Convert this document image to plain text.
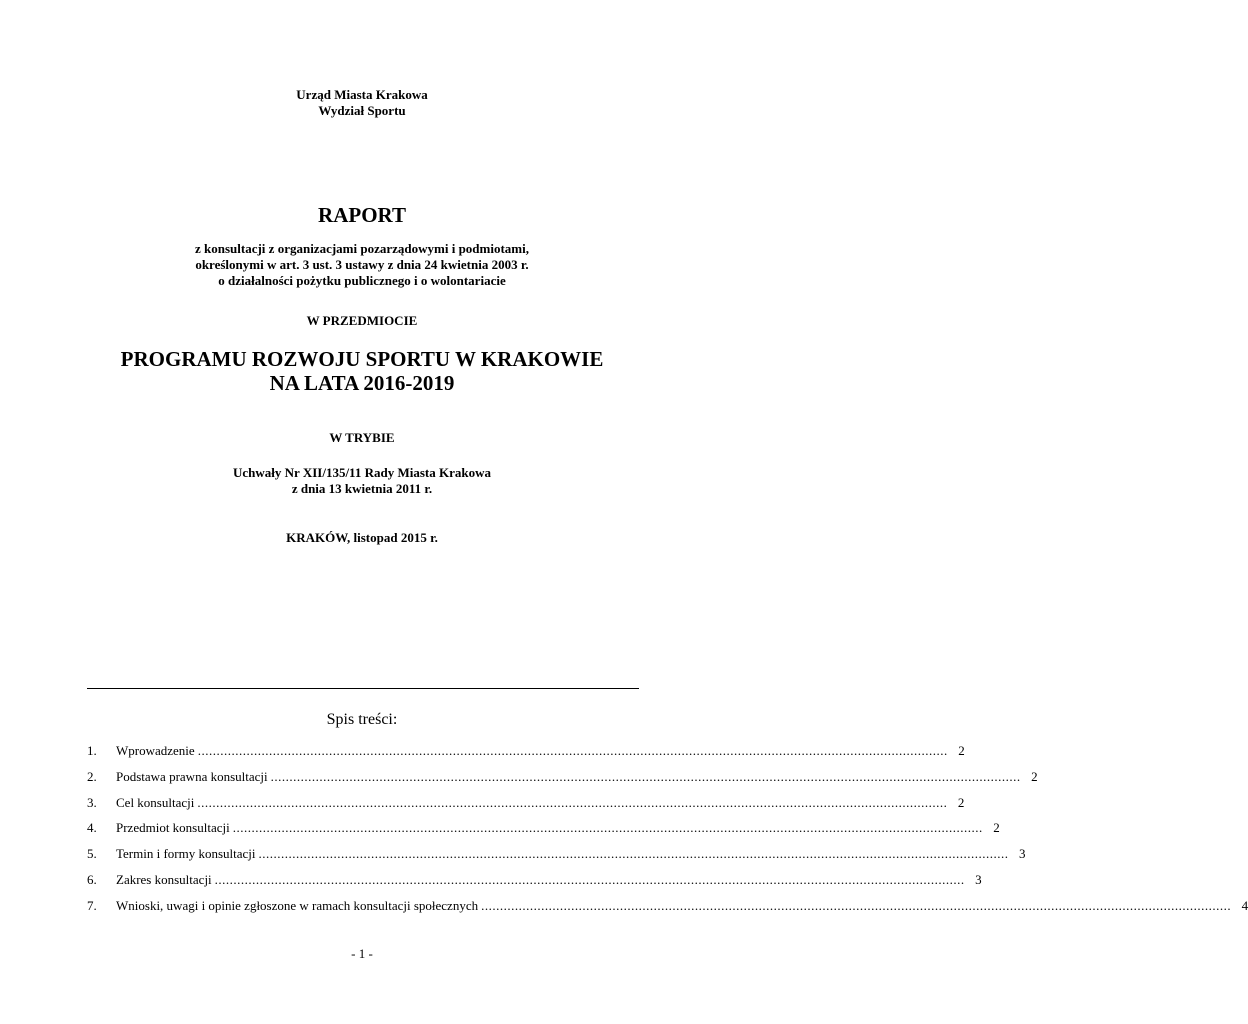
Urząd Miasta Krakowa
Wydział Sportu
RAPORT
z konsultacji z organizacjami pozarządowymi i podmiotami,
określonymi w art. 3 ust. 3 ustawy z dnia 24 kwietnia 2003 r.
o działalności pożytku publicznego i o wolontariacie
W PRZEDMIOCIE
PROGRAMU ROZWOJU SPORTU W KRAKOWIE
NA LATA 2016-2019
W TRYBIE
Uchwały Nr XII/135/11 Rady Miasta Krakowa
z dnia 13 kwietnia 2011 r.
KRAKÓW, listopad 2015 r.
Spis treści:
1.	Wprowadzenie ........................................................................................................................................................................................................ 2
2.	Podstawa prawna konsultacji ........................................................................................................................................................................................................ 2
3.	Cel konsultacji ........................................................................................................................................................................................................ 2
4.	Przedmiot konsultacji ........................................................................................................................................................................................................ 2
5.	Termin i formy konsultacji ........................................................................................................................................................................................................ 3
6.	Zakres konsultacji ........................................................................................................................................................................................................ 3
7.	Wnioski, uwagi i opinie zgłoszone w ramach konsultacji społecznych ........................................................................................................................................................................................................ 4
- 1 -
